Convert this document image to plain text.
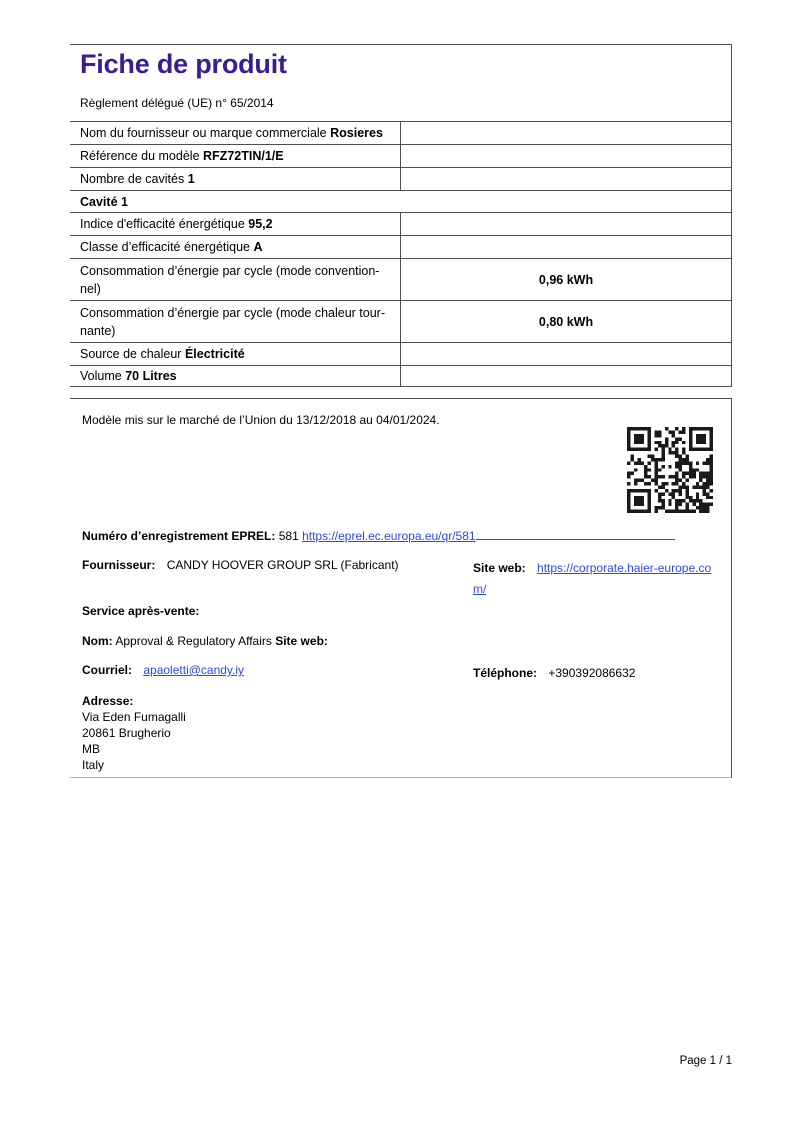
Fiche de produit
Règlement délégué (UE) n° 65/2014
Nom du fournisseur ou marque commerciale Rosieres
Référence du modèle RFZ72TIN/1/E
Nombre de cavités 1
Cavité 1
Indice d'efficacité énergétique 95,2
Classe d’efficacité énergétique A
Consommation d’énergie par cycle (mode convention-
nel)
0,96 kWh
Consommation d’énergie par cycle (mode chaleur tour-
nante)
0,80 kWh
Source de chaleur Électricité
Volume 70 Litres
Modèle mis sur le marché de l’Union du 13/12/2018 au 04/01/2024.
Numéro d’enregistrement EPREL: 581 https://eprel.ec.europa.eu/qr/581
Fournisseur: CANDY HOOVER GROUP SRL (Fabricant)	Site web: https://corporate.haier-europe.com/
Service après-vente:
Nom: Approval & Regulatory Affairs Site web:
Courriel: apaoletti@candy.iy	Téléphone: +390392086632
Adresse:
Via Eden Fumagalli
20861 Brugherio
MB
Italy
Page 1 / 1
